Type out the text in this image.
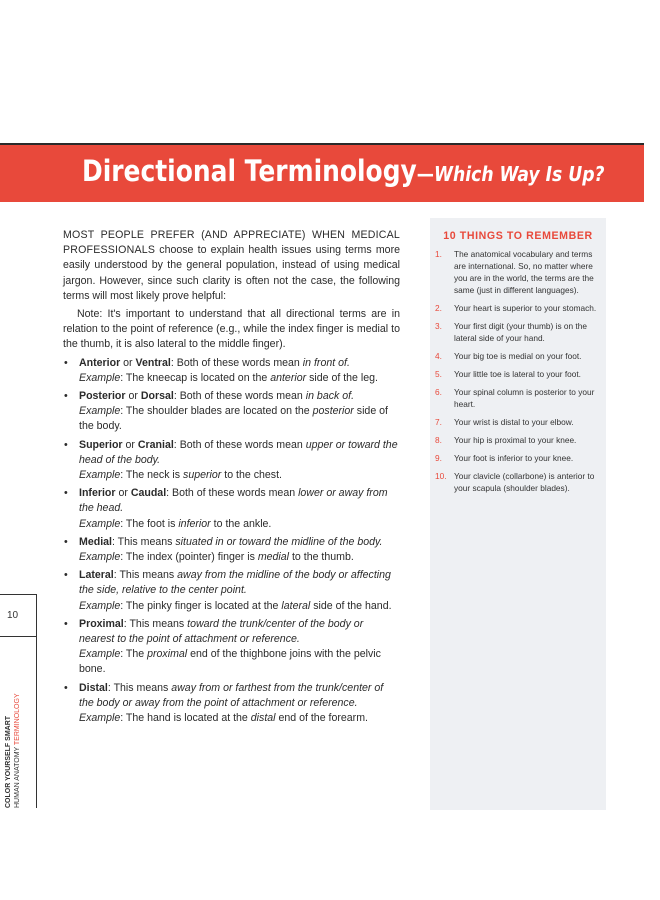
Directional Terminology—Which Way Is Up?

MOST PEOPLE PREFER (AND APPRECIATE) WHEN MEDICAL PROFESSIONALS choose to explain health issues using terms more easily understood by the general population, instead of using medical jargon. However, since such clarity is often not the case, the following terms will most likely prove helpful:

Note: It's important to understand that all directional terms are in relation to the point of reference (e.g., while the index finger is medial to the thumb, it is also lateral to the middle finger).

• Anterior or Ventral: Both of these words mean in front of.
Example: The kneecap is located on the anterior side of the leg.
• Posterior or Dorsal: Both of these words mean in back of.
Example: The shoulder blades are located on the posterior side of the body.
• Superior or Cranial: Both of these words mean upper or toward the head of the body.
Example: The neck is superior to the chest.
• Inferior or Caudal: Both of these words mean lower or away from the head.
Example: The foot is inferior to the ankle.
• Medial: This means situated in or toward the midline of the body.
Example: The index (pointer) finger is medial to the thumb.
• Lateral: This means away from the midline of the body or affecting the side, relative to the center point.
Example: The pinky finger is located at the lateral side of the hand.
• Proximal: This means toward the trunk/center of the body or nearest to the point of attachment or reference.
Example: The proximal end of the thighbone joins with the pelvic bone.
• Distal: This means away from or farthest from the trunk/center of the body or away from the point of attachment or reference.
Example: The hand is located at the distal end of the forearm.
10 THINGS TO REMEMBER
1. The anatomical vocabulary and terms are international. So, no matter where you are in the world, the terms are the same (just in different languages).
2. Your heart is superior to your stomach.
3. Your first digit (your thumb) is on the lateral side of your hand.
4. Your big toe is medial on your foot.
5. Your little toe is lateral to your foot.
6. Your spinal column is posterior to your heart.
7. Your wrist is distal to your elbow.
8. Your hip is proximal to your knee.
9. Your foot is inferior to your knee.
10. Your clavicle (collarbone) is anterior to your scapula (shoulder blades).
10
COLOR YOURSELF SMART HUMAN ANATOMY TERMINOLOGY
